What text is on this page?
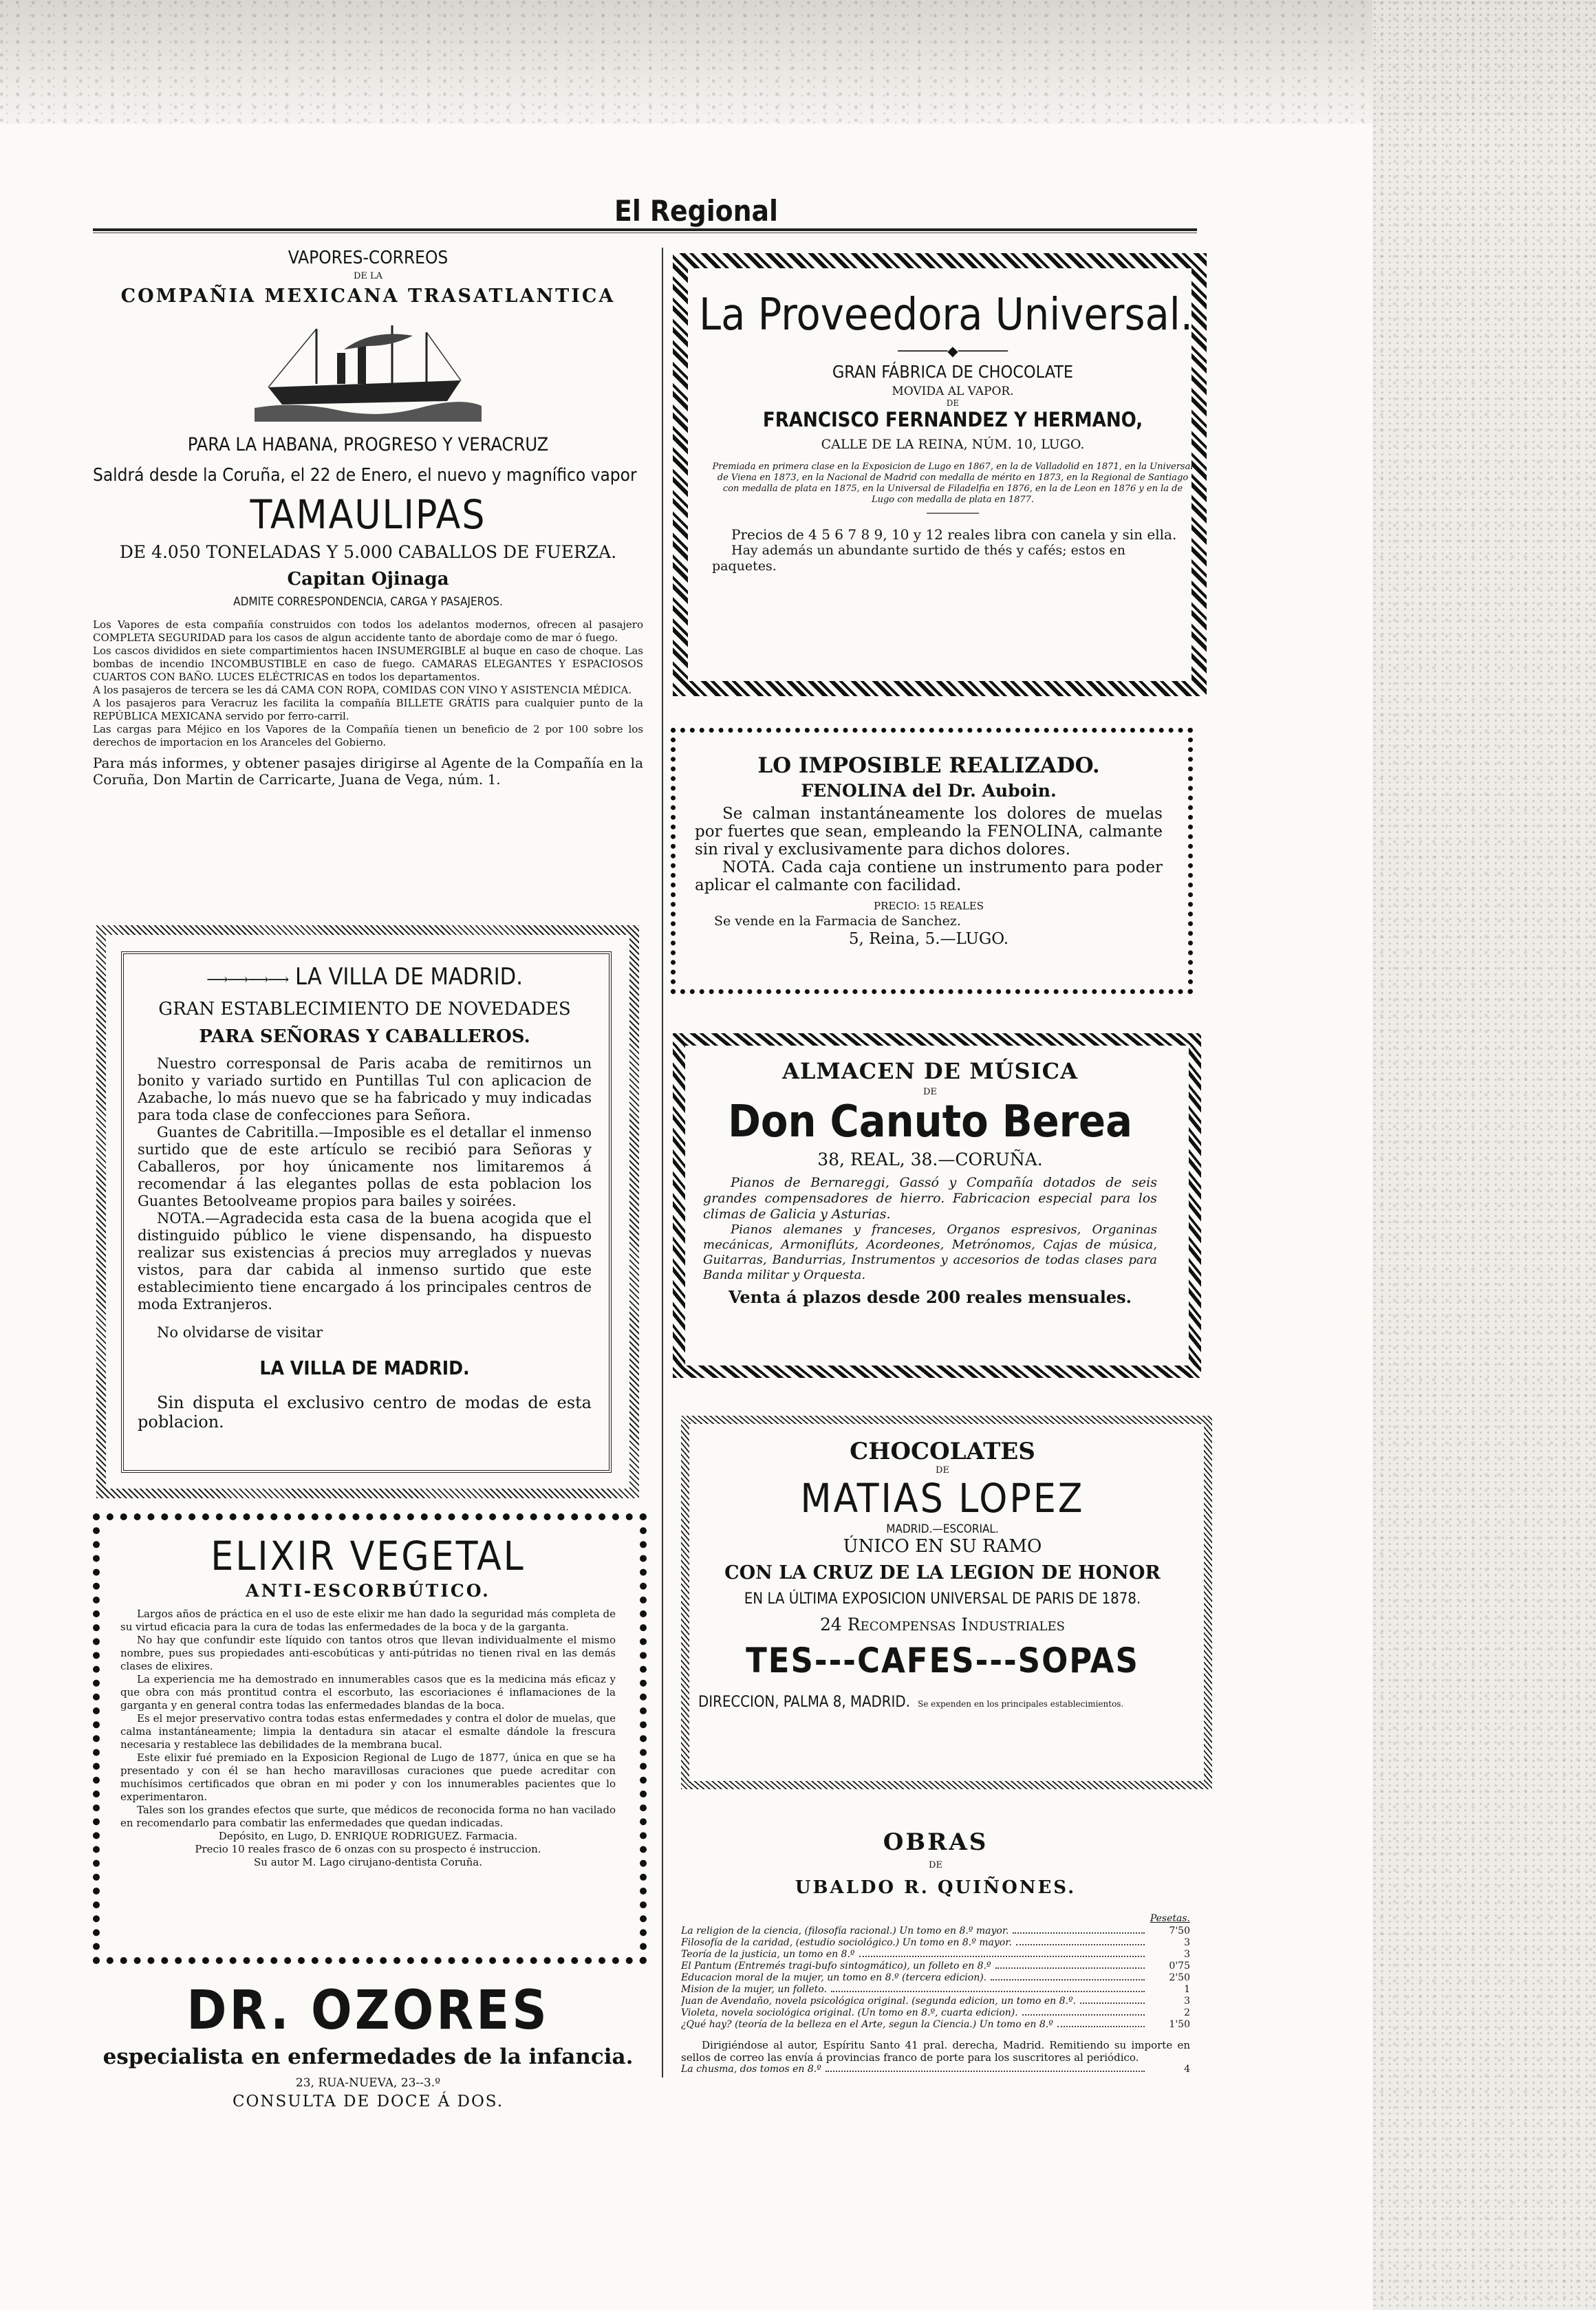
El Regional
VAPORES-CORREOS
DE LA
COMPAÑIA MEXICANA TRASATLANTICA
PARA LA HABANA, PROGRESO Y VERACRUZ
Saldrá desde la Coruña, el 22 de Enero, el nuevo y magnífico vapor
TAMAULIPAS
DE 4.050 TONELADAS Y 5.000 CABALLOS DE FUERZA.
Capitan Ojinaga
ADMITE CORRESPONDENCIA, CARGA Y PASAJEROS.
Los Vapores de esta compañía construidos con todos los adelantos modernos, ofrecen al pasajero COMPLETA SEGURIDAD para los casos de algun accidente tanto de abordaje como de mar ó fuego.
Los cascos divididos en siete compartimientos hacen INSUMERGIBLE al buque en caso de choque. Las bombas de incendio INCOMBUSTIBLE en caso de fuego. CAMARAS ELEGANTES Y ESPACIOSOS CUARTOS CON BAÑO. LUCES ELÉCTRICAS en todos los departamentos.
A los pasajeros de tercera se les dá CAMA CON ROPA, COMIDAS CON VINO Y ASISTENCIA MÉDICA.
A los pasajeros para Veracruz les facilita la compañía BILLETE GRÁTIS para cualquier punto de la REPÚBLICA MEXICANA servido por ferro-carril.
Las cargas para Méjico en los Vapores de la Compañía tienen un beneficio de 2 por 100 sobre los derechos de importacion en los Aranceles del Gobierno.
Para más informes, y obtener pasajes dirigirse al Agente de la Compañía en la Coruña, Don Martin de Carricarte, Juana de Vega, núm. 1.
⟶⟶⟶⟶ LA VILLA DE MADRID.
GRAN ESTABLECIMIENTO DE NOVEDADES
PARA SEÑORAS Y CABALLEROS.
Nuestro corresponsal de Paris acaba de remitirnos un bonito y variado surtido en Puntillas Tul con aplicacion de Azabache, lo más nuevo que se ha fabricado y muy indicadas para toda clase de confecciones para Señora.
Guantes de Cabritilla.—Imposible es el detallar el inmenso surtido que de este artículo se recibió para Señoras y Caballeros, por hoy únicamente nos limitaremos á recomendar á las elegantes pollas de esta poblacion los Guantes Betoolveame propios para bailes y soirées.
NOTA.—Agradecida esta casa de la buena acogida que el distinguido público le viene dispensando, ha dispuesto realizar sus existencias á precios muy arreglados y nuevas vistos, para dar cabida al inmenso surtido que este establecimiento tiene encargado á los principales centros de moda Extranjeros.
No olvidarse de visitar
LA VILLA DE MADRID.
Sin disputa el exclusivo centro de modas de esta poblacion.
ELIXIR VEGETAL
ANTI-ESCORBÚTICO.
Largos años de práctica en el uso de este elixir me han dado la seguridad más completa de su virtud eficacia para la cura de todas las enfermedades de la boca y de la garganta.
No hay que confundir este líquido con tantos otros que llevan individualmente el mismo nombre, pues sus propiedades anti-escobúticas y anti-pútridas no tienen rival en las demás clases de elixires.
La experiencia me ha demostrado en innumerables casos que es la medicina más eficaz y que obra con más prontitud contra el escorbuto, las escoriaciones é inflamaciones de la garganta y en general contra todas las enfermedades blandas de la boca.
Es el mejor preservativo contra todas estas enfermedades y contra el dolor de muelas, que calma instantáneamente; limpia la dentadura sin atacar el esmalte dándole la frescura necesaria y restablece las debilidades de la membrana bucal.
Este elixir fué premiado en la Exposicion Regional de Lugo de 1877, única en que se ha presentado y con él se han hecho maravillosas curaciones que puede acreditar con muchísimos certificados que obran en mi poder y con los innumerables pacientes que lo experimentaron.
Tales son los grandes efectos que surte, que médicos de reconocida forma no han vacilado en recomendarlo para combatir las enfermedades que quedan indicadas.
Depósito, en Lugo, D. ENRIQUE RODRIGUEZ. Farmacia.
Precio 10 reales frasco de 6 onzas con su prospecto é instruccion.
Su autor M. Lago cirujano-dentista Coruña.
DR. OZORES
especialista en enfermedades de la infancia.
23, RUA-NUEVA, 23--3.º
CONSULTA DE DOCE Á DOS.
La Proveedora Universal.
──────◆──────
GRAN FÁBRICA DE CHOCOLATE
MOVIDA AL VAPOR.
DE
FRANCISCO FERNANDEZ Y HERMANO,
CALLE DE LA REINA, NÚM. 10, LUGO.
Premiada en primera clase en la Exposicion de Lugo en 1867, en la de Valladolid en 1871, en la Universal de Viena en 1873, en la Nacional de Madrid con medalla de mérito en 1873, en la Regional de Santiago con medalla de plata en 1875, en la Universal de Filadelfia en 1876, en la de Leon en 1876 y en la de Lugo con medalla de plata en 1877.
─────────
Precios de 4 5 6 7 8 9, 10 y 12 reales libra con canela y sin ella.
Hay además un abundante surtido de thés y cafés; estos en paquetes.
LO IMPOSIBLE REALIZADO.
FENOLINA del Dr. Auboin.
Se calman instantáneamente los dolores de muelas por fuertes que sean, empleando la FENOLINA, calmante sin rival y exclusivamente para dichos dolores.
NOTA. Cada caja contiene un instrumento para poder aplicar el calmante con facilidad.
PRECIO: 15 REALES
Se vende en la Farmacia de Sanchez.
5, Reina, 5.—LUGO.
ALMACEN DE MÚSICA
DE
Don Canuto Berea
38, REAL, 38.—CORUÑA.
Pianos de Bernareggi, Gassó y Compañía dotados de seis grandes compensadores de hierro. Fabricacion especial para los climas de Galicia y Asturias.
Pianos alemanes y franceses, Organos espresivos, Organinas mecánicas, Armoniflúts, Acordeones, Metrónomos, Cajas de música, Guitarras, Bandurrias, Instrumentos y accesorios de todas clases para Banda militar y Orquesta.
Venta á plazos desde 200 reales mensuales.
CHOCOLATES
DE
MATIAS LOPEZ
MADRID.—ESCORIAL.
ÚNICO EN SU RAMO
CON LA CRUZ DE LA LEGION DE HONOR
EN LA ÚLTIMA EXPOSICION UNIVERSAL DE PARIS DE 1878.
24 Recompensas Industriales
TES---CAFES---SOPAS
DIRECCION, PALMA 8, MADRID. Se expenden en los principales establecimientos.
OBRAS
DE
UBALDO R. QUIÑONES.
Pesetas.
La religion de la ciencia, (filosofía racional.) Un tomo en 8.º mayor.	7'50
Filosofía de la caridad, (estudio sociológico.) Un tomo en 8.º mayor.	3
Teoría de la justicia, un tomo en 8.º	3
El Pantum (Entremés tragi-bufo sintogmático), un folleto en 8.º	0'75
Educacion moral de la mujer, un tomo en 8.º (tercera edicion).	2'50
Mision de la mujer, un folleto.	1
Juan de Avendaño, novela psicológica original. (segunda edicion, un tomo en 8.º.	3
Violeta, novela sociológica original. (Un tomo en 8.º, cuarta edicion).	2
¿Qué hay? (teoría de la belleza en el Arte, segun la Ciencia.) Un tomo en 8.º	1'50
Dirigiéndose al autor, Espíritu Santo 41 pral. derecha, Madrid. Remitiendo su importe en sellos de correo las envía á provincias franco de porte para los suscritores al periódico.
La chusma, dos tomos en 8.º	4
